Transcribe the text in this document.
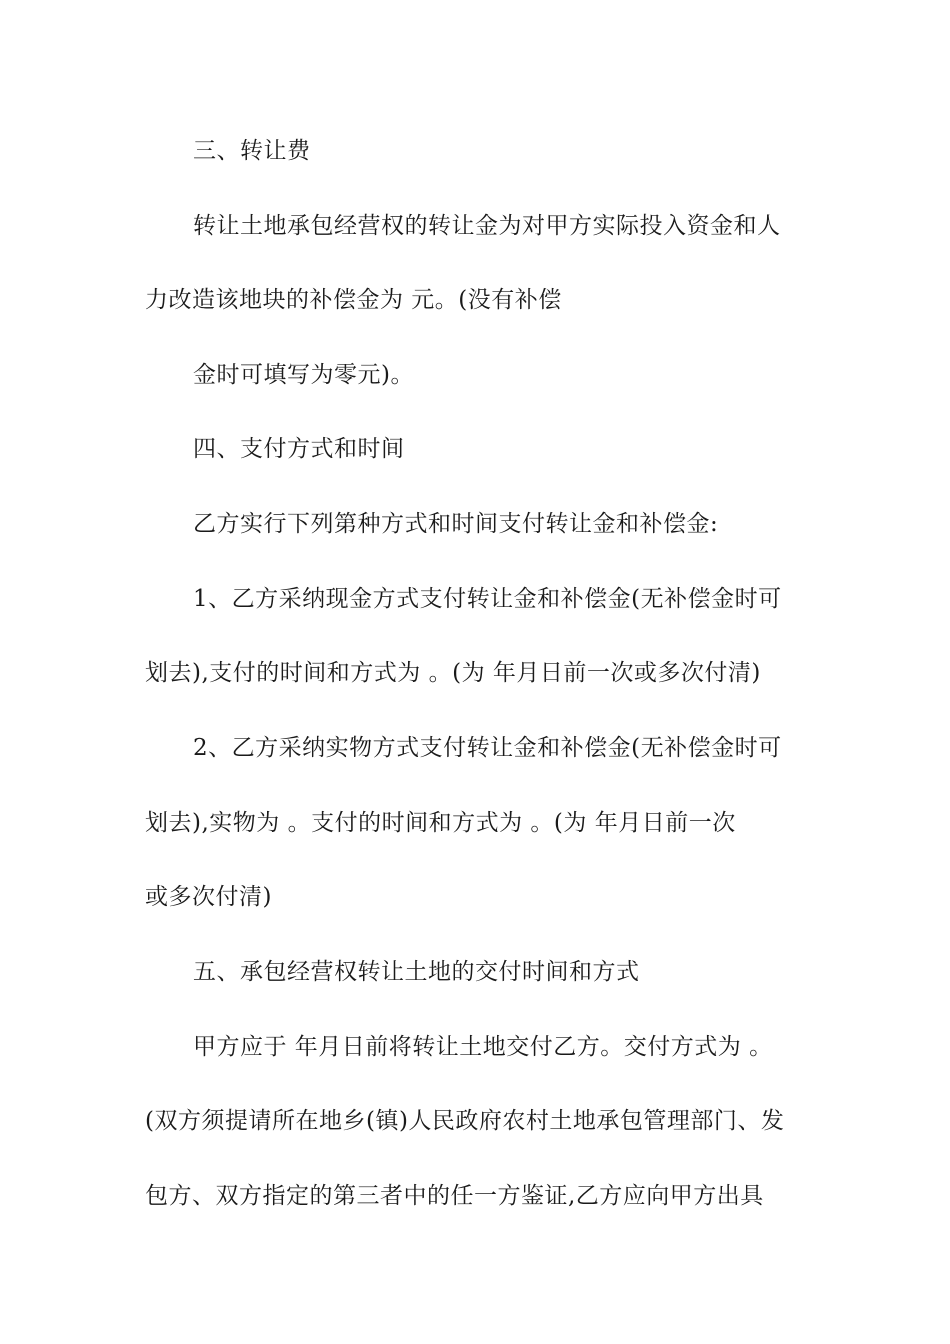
三、转让费
转让土地承包经营权的转让金为对甲方实际投入资金和人
力改造该地块的补偿金为 元。(没有补偿
金时可填写为零元)。
四、支付方式和时间
乙方实行下列第种方式和时间支付转让金和补偿金:
1、乙方采纳现金方式支付转让金和补偿金(无补偿金时可
划去),支付的时间和方式为 。(为 年月日前一次或多次付清)
2、乙方采纳实物方式支付转让金和补偿金(无补偿金时可
划去),实物为 。支付的时间和方式为 。(为 年月日前一次
或多次付清)
五、承包经营权转让土地的交付时间和方式
甲方应于 年月日前将转让土地交付乙方。交付方式为 。
(双方须提请所在地乡(镇)人民政府农村土地承包管理部门、发
包方、双方指定的第三者中的任一方鉴证,乙方应向甲方出具
